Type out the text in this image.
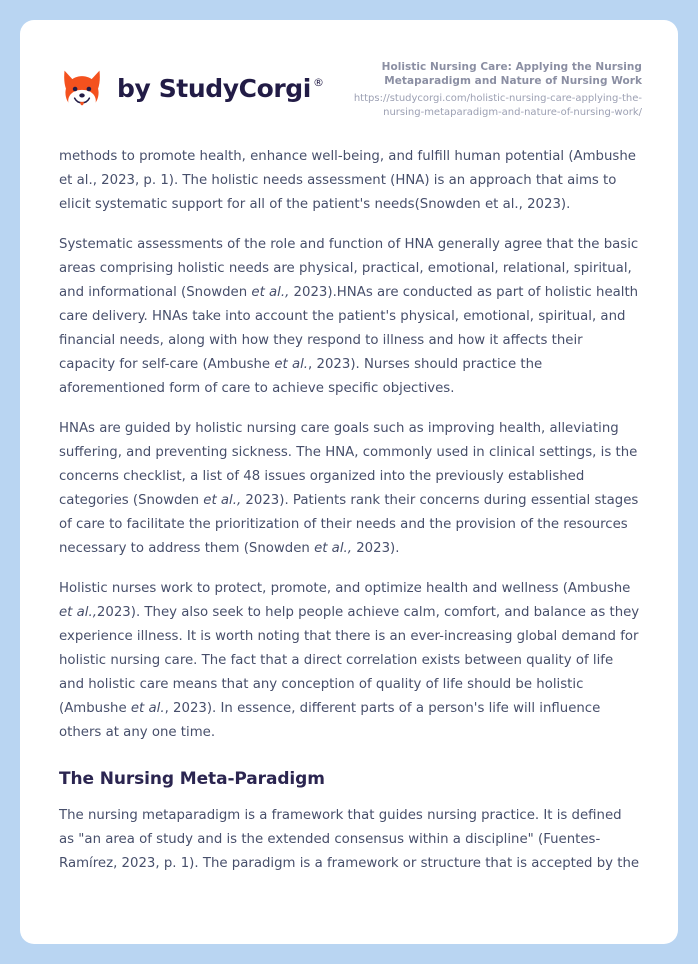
by StudyCorgi ®

Holistic Nursing Care: Applying the Nursing Metaparadigm and Nature of Nursing Work

https://studycorgi.com/holistic-nursing-care-applying-the-nursing-metaparadigm-and-nature-of-nursing-work/

methods to promote health, enhance well-being, and fulfill human potential (Ambushe et al., 2023, p. 1). The holistic needs assessment (HNA) is an approach that aims to elicit systematic support for all of the patient's needs(Snowden et al., 2023).

Systematic assessments of the role and function of HNA generally agree that the basic areas comprising holistic needs are physical, practical, emotional, relational, spiritual, and informational (Snowden et al., 2023).HNAs are conducted as part of holistic health care delivery. HNAs take into account the patient's physical, emotional, spiritual, and financial needs, along with how they respond to illness and how it affects their capacity for self-care (Ambushe et al., 2023). Nurses should practice the aforementioned form of care to achieve specific objectives.

HNAs are guided by holistic nursing care goals such as improving health, alleviating suffering, and preventing sickness. The HNA, commonly used in clinical settings, is the concerns checklist, a list of 48 issues organized into the previously established categories (Snowden et al., 2023). Patients rank their concerns during essential stages of care to facilitate the prioritization of their needs and the provision of the resources necessary to address them (Snowden et al., 2023).

Holistic nurses work to protect, promote, and optimize health and wellness (Ambushe et al.,2023). They also seek to help people achieve calm, comfort, and balance as they experience illness. It is worth noting that there is an ever-increasing global demand for holistic nursing care. The fact that a direct correlation exists between quality of life and holistic care means that any conception of quality of life should be holistic (Ambushe et al., 2023). In essence, different parts of a person's life will influence others at any one time.

The Nursing Meta-Paradigm

The nursing metaparadigm is a framework that guides nursing practice. It is defined as "an area of study and is the extended consensus within a discipline" (Fuentes-Ramírez, 2023, p. 1). The paradigm is a framework or structure that is accepted by the
